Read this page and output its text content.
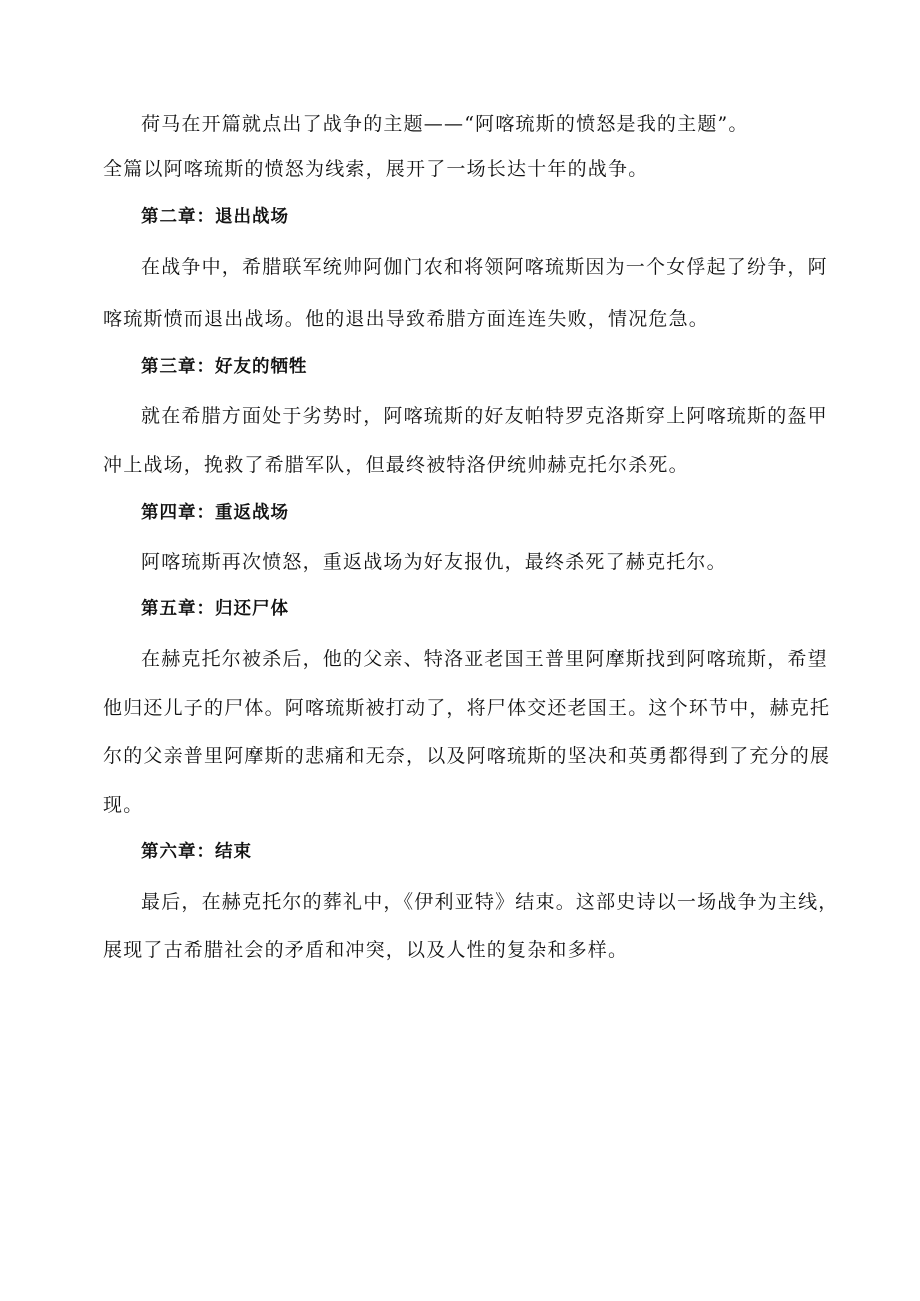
荷马在开篇就点出了战争的主题——“阿喀琉斯的愤怒是我的主题”。
全篇以阿喀琉斯的愤怒为线索，展开了一场长达十年的战争。
第二章：退出战场
在战争中，希腊联军统帅阿伽门农和将领阿喀琉斯因为一个女俘起了纷争，阿
喀琉斯愤而退出战场。他的退出导致希腊方面连连失败，情况危急。
第三章：好友的牺牲
就在希腊方面处于劣势时，阿喀琉斯的好友帕特罗克洛斯穿上阿喀琉斯的盔甲
冲上战场，挽救了希腊军队，但最终被特洛伊统帅赫克托尔杀死。
第四章：重返战场
阿喀琉斯再次愤怒，重返战场为好友报仇，最终杀死了赫克托尔。
第五章：归还尸体
在赫克托尔被杀后，他的父亲、特洛亚老国王普里阿摩斯找到阿喀琉斯，希望
他归还儿子的尸体。阿喀琉斯被打动了，将尸体交还老国王。这个环节中，赫克托
尔的父亲普里阿摩斯的悲痛和无奈，以及阿喀琉斯的坚决和英勇都得到了充分的展
现。
第六章：结束
最后，在赫克托尔的葬礼中，《伊利亚特》结束。这部史诗以一场战争为主线，
展现了古希腊社会的矛盾和冲突，以及人性的复杂和多样。
